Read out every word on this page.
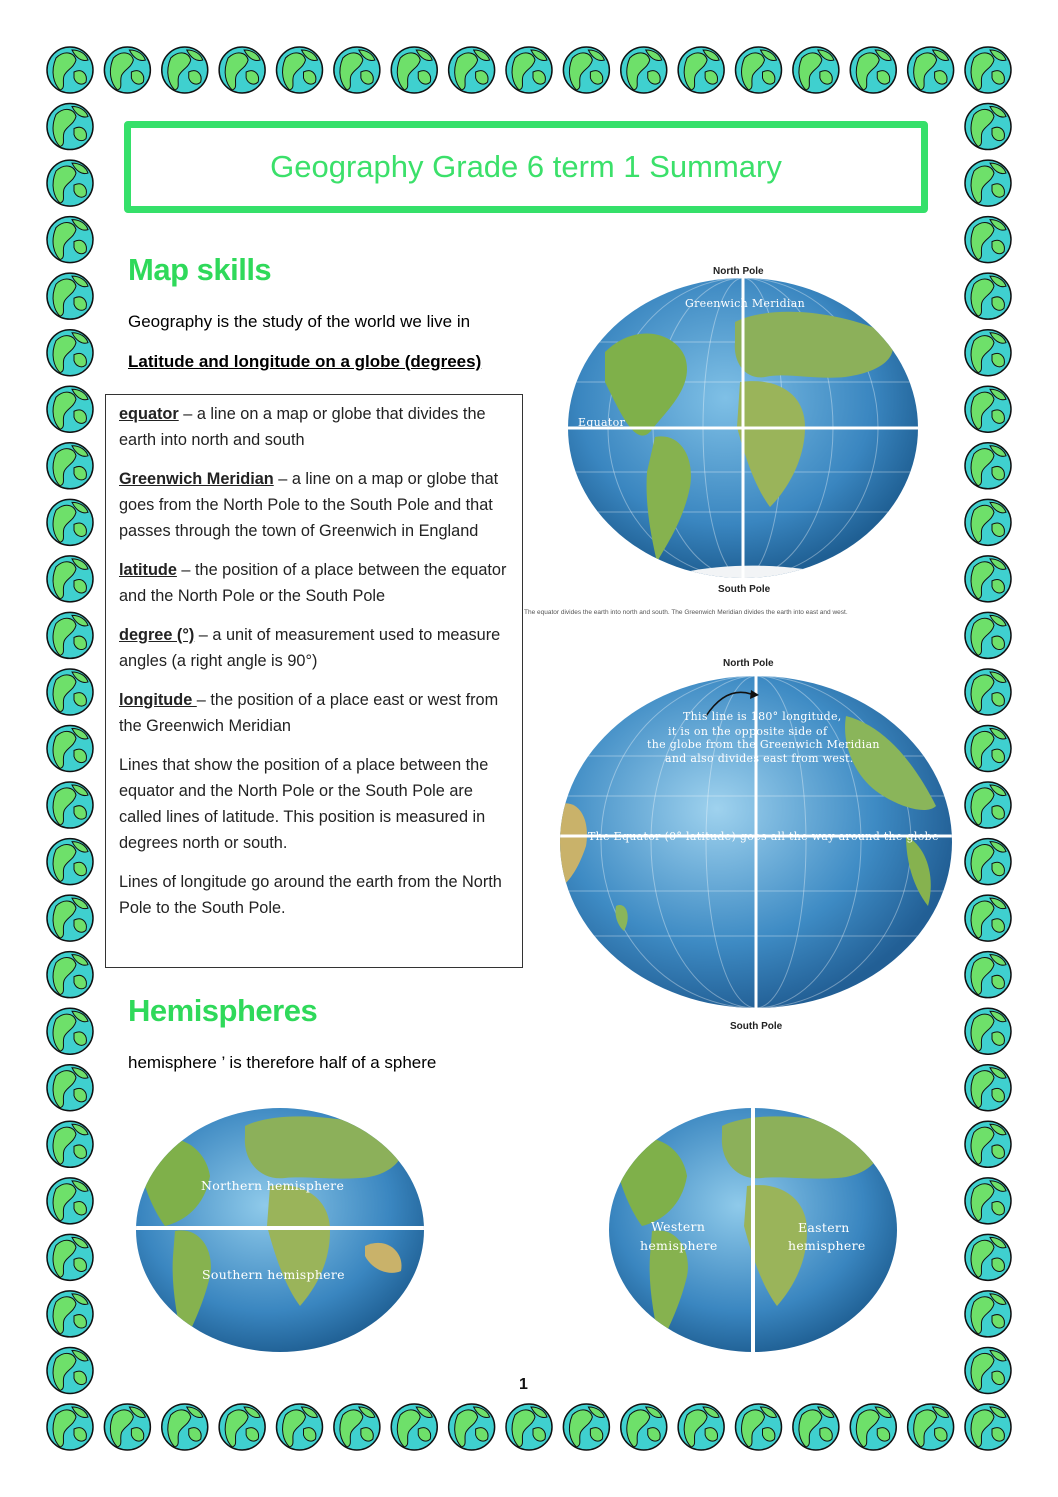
Geography Grade 6 term 1 Summary
Map skills
Geography is the study of the world we live in
Latitude and longitude on a globe (degrees)

equator – a line on a map or globe that divides the earth into north and south

Greenwich Meridian – a line on a map or globe that goes from the North Pole to the South Pole and that passes through the town of Greenwich in England

latitude – the position of a place between the equator and the North Pole or the South Pole

degree (°) – a unit of measurement used to measure angles (a right angle is 90°)

longitude – the position of a place east or west from the Greenwich Meridian

Lines that show the position of a place between the equator and the North Pole or the South Pole are called lines of latitude. This position is measured in degrees north or south.

Lines of longitude go around the earth from the North Pole to the South Pole.

Greenwich Meridian
Equator
North Pole
South Pole
The equator divides the earth into north and south. The Greenwich Meridian divides the earth into east and west.
This line is 180° longitude,
it is on the opposite side of
the globe from the Greenwich Meridian
and also divides east from west.
The Equator (0° latitude) goes all the way around the globe
North Pole
South Pole
Hemispheres
hemisphere ’ is therefore half of a sphere
Northern hemisphere
Southern hemisphere
Western
hemisphere
Eastern
hemisphere
1
